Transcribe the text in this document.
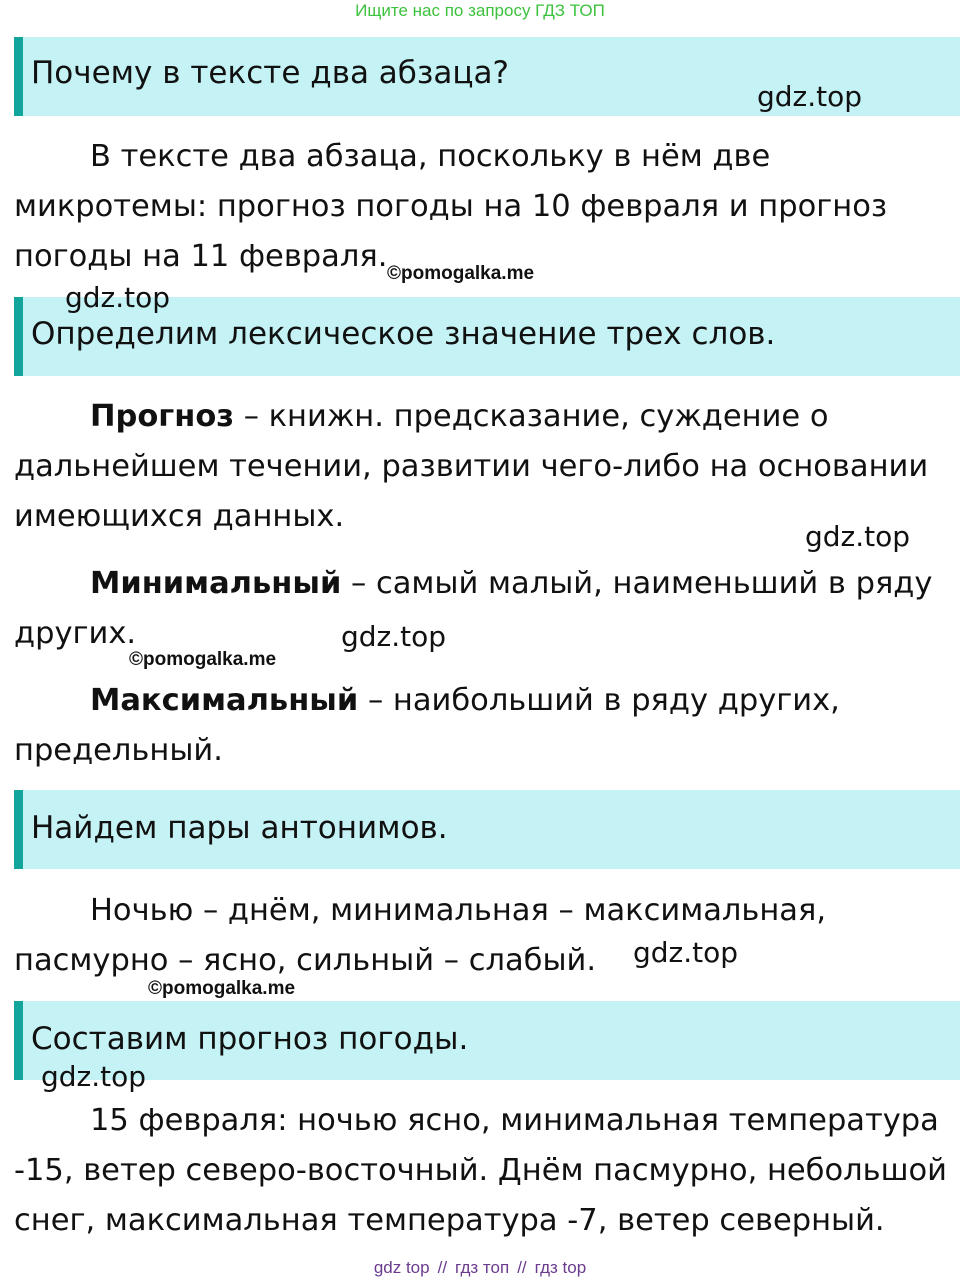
Ищите нас по запросу ГДЗ ТОП
Почему в тексте два абзаца?

В тексте два абзаца, поскольку в нём две микротемы: прогноз погоды на 10 февраля и прогноз погоды на 11 февраля.

Определим лексическое значение трех слов.

Прогноз – книжн. предсказание, суждение о дальнейшем течении, развитии чего-либо на основании имеющихся данных.

Минимальный – самый малый, наименьший в ряду других.

Максимальный – наибольший в ряду других, предельный.

Найдем пары антонимов.

Ночью – днём, минимальная – максимальная, пасмурно – ясно, сильный – слабый.

Составим прогноз погоды.

15 февраля: ночью ясно, минимальная температура -15, ветер северо-восточный. Днём пасмурно, небольшой снег, максимальная температура -7, ветер северный.

gdz.top
©pomogalka.me
gdz.top
gdz.top
gdz.top
©pomogalka.me
gdz.top
©pomogalka.me
gdz.top
gdz top // гдз топ // гдз top
